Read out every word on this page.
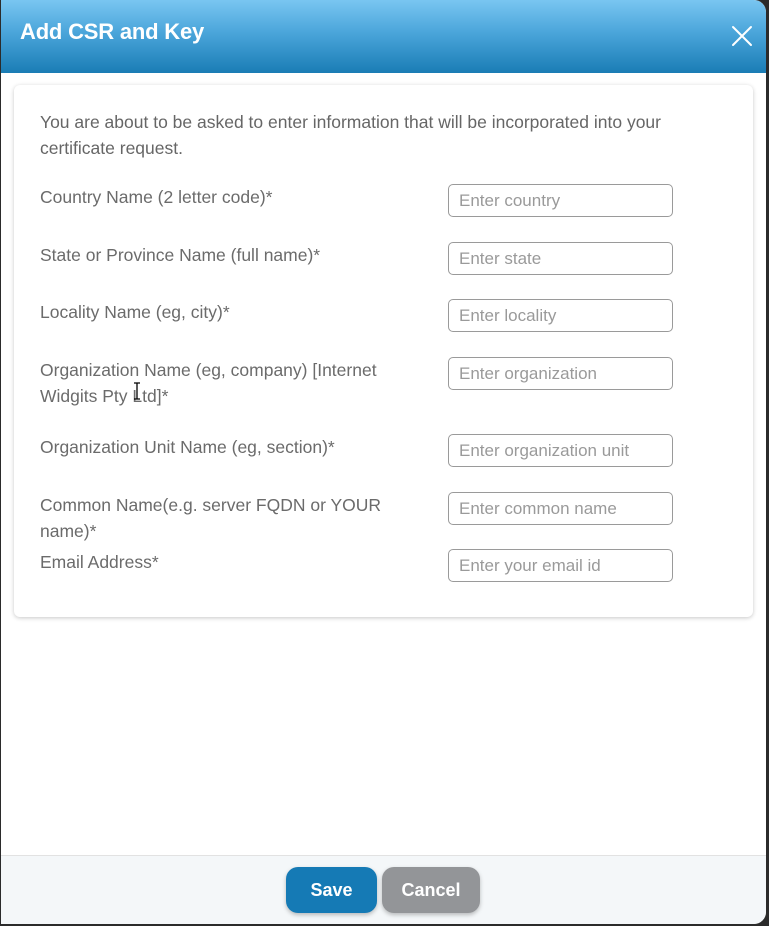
Add CSR and Key
You are about to be asked to enter information that will be incorporated into your certificate request.
Country Name (2 letter code)*
Enter country
State or Province Name (full name)*
Enter state
Locality Name (eg, city)*
Enter locality
Organization Name (eg, company) [Internet Widgits Pty Ltd]*
Enter organization
Organization Unit Name (eg, section)*
Enter organization unit
Common Name(e.g. server FQDN or YOUR name)*
Enter common name
Email Address*
Enter your email id
Save	Cancel
